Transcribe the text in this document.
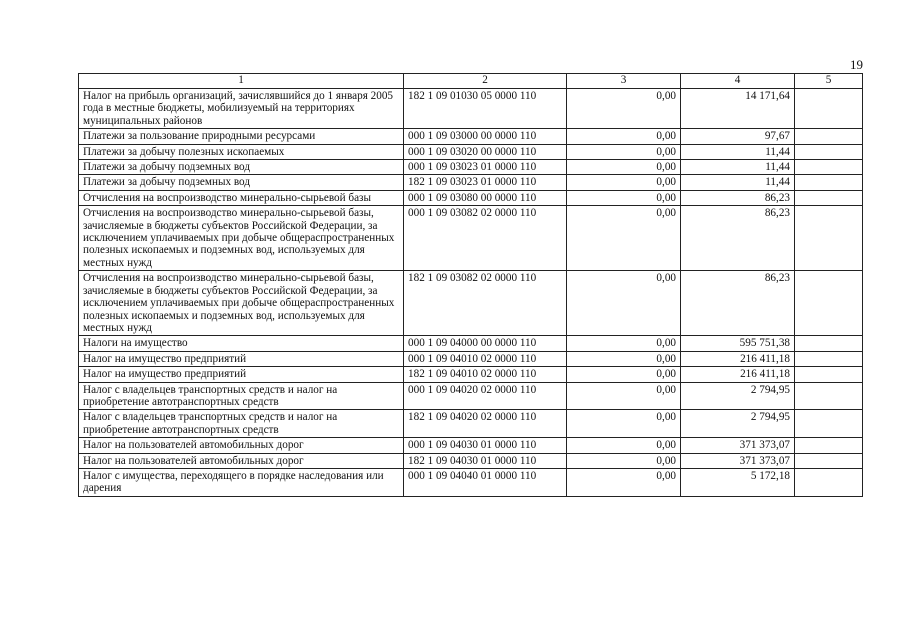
19
1	2	3	4	5
Налог на прибыль организаций, зачислявшийся до 1 января 2005 года в местные бюджеты, мобилизуемый на территориях муниципальных районов	182 1 09 01030 05 0000 110	0,00	14 171,64	
Платежи за пользование природными ресурсами	000 1 09 03000 00 0000 110	0,00	97,67	
Платежи за добычу полезных ископаемых	000 1 09 03020 00 0000 110	0,00	11,44	
Платежи за добычу подземных вод	000 1 09 03023 01 0000 110	0,00	11,44	
Платежи за добычу подземных вод	182 1 09 03023 01 0000 110	0,00	11,44	
Отчисления на воспроизводство минерально-сырьевой базы	000 1 09 03080 00 0000 110	0,00	86,23	
Отчисления на воспроизводство минерально-сырьевой базы, зачисляемые в бюджеты субъектов Российской Федерации, за исключением уплачиваемых при добыче общераспространенных полезных ископаемых и подземных вод, используемых для местных нужд	000 1 09 03082 02 0000 110	0,00	86,23	
Отчисления на воспроизводство минерально-сырьевой базы, зачисляемые в бюджеты субъектов Российской Федерации, за исключением уплачиваемых при добыче общераспространенных полезных ископаемых и подземных вод, используемых для местных нужд	182 1 09 03082 02 0000 110	0,00	86,23	
Налоги на имущество	000 1 09 04000 00 0000 110	0,00	595 751,38	
Налог на имущество предприятий	000 1 09 04010 02 0000 110	0,00	216 411,18	
Налог на имущество предприятий	182 1 09 04010 02 0000 110	0,00	216 411,18	
Налог с владельцев транспортных средств и налог на приобретение автотранспортных средств	000 1 09 04020 02 0000 110	0,00	2 794,95	
Налог с владельцев транспортных средств и налог на приобретение автотранспортных средств	182 1 09 04020 02 0000 110	0,00	2 794,95	
Налог на пользователей автомобильных дорог	000 1 09 04030 01 0000 110	0,00	371 373,07	
Налог на пользователей автомобильных дорог	182 1 09 04030 01 0000 110	0,00	371 373,07	
Налог с имущества, переходящего в порядке наследования или дарения	000 1 09 04040 01 0000 110	0,00	5 172,18	
